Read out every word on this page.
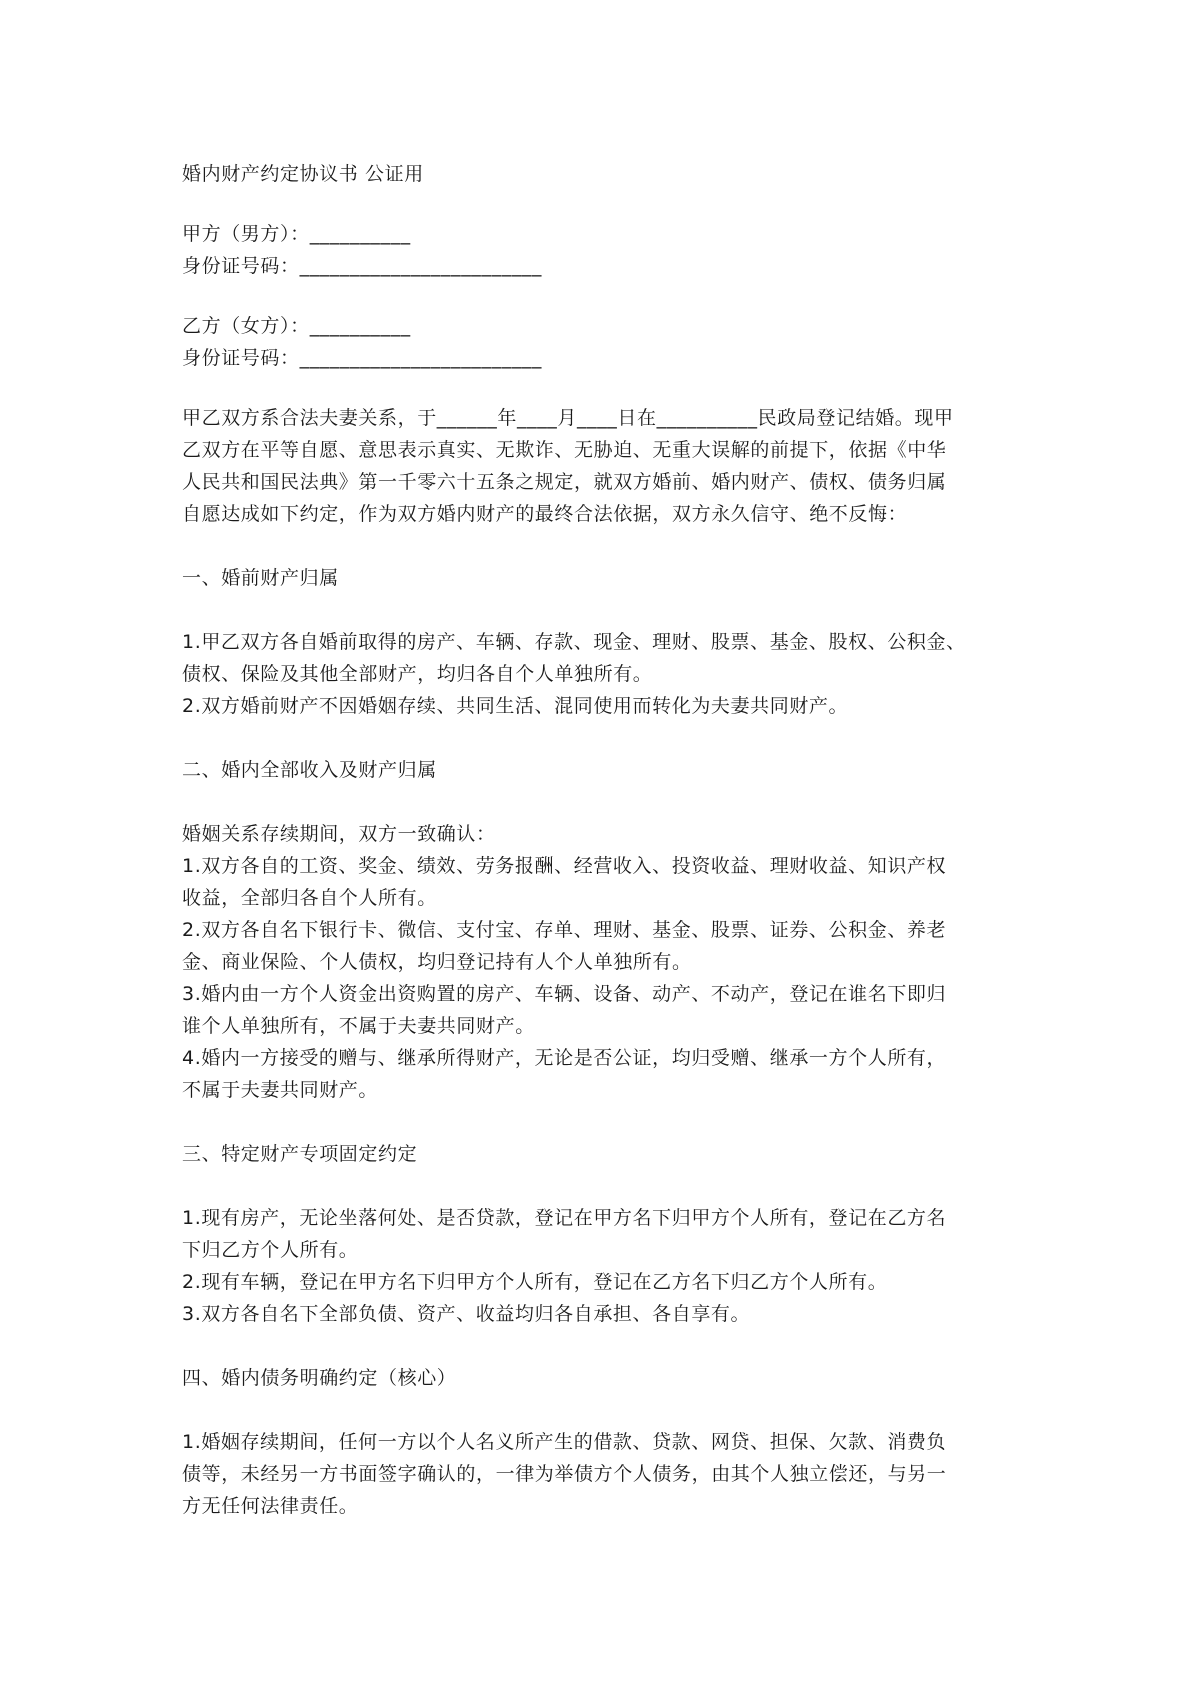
婚内财产约定协议书 公证用
甲方（男方）：__________
身份证号码：________________________
乙方（女方）：__________
身份证号码：________________________
甲乙双方系合法夫妻关系，于______年____月____日在__________民政局登记结婚。现甲
乙双方在平等自愿、意思表示真实、无欺诈、无胁迫、无重大误解的前提下，依据《中华
人民共和国民法典》第一千零六十五条之规定，就双方婚前、婚内财产、债权、债务归属
自愿达成如下约定，作为双方婚内财产的最终合法依据，双方永久信守、绝不反悔：
一、婚前财产归属
1.甲乙双方各自婚前取得的房产、车辆、存款、现金、理财、股票、基金、股权、公积金、
债权、保险及其他全部财产，均归各自个人单独所有。
2.双方婚前财产不因婚姻存续、共同生活、混同使用而转化为夫妻共同财产。
二、婚内全部收入及财产归属
婚姻关系存续期间，双方一致确认：
1.双方各自的工资、奖金、绩效、劳务报酬、经营收入、投资收益、理财收益、知识产权
收益，全部归各自个人所有。
2.双方各自名下银行卡、微信、支付宝、存单、理财、基金、股票、证券、公积金、养老
金、商业保险、个人债权，均归登记持有人个人单独所有。
3.婚内由一方个人资金出资购置的房产、车辆、设备、动产、不动产，登记在谁名下即归
谁个人单独所有，不属于夫妻共同财产。
4.婚内一方接受的赠与、继承所得财产，无论是否公证，均归受赠、继承一方个人所有，
不属于夫妻共同财产。
三、特定财产专项固定约定
1.现有房产，无论坐落何处、是否贷款，登记在甲方名下归甲方个人所有，登记在乙方名
下归乙方个人所有。
2.现有车辆，登记在甲方名下归甲方个人所有，登记在乙方名下归乙方个人所有。
3.双方各自名下全部负债、资产、收益均归各自承担、各自享有。
四、婚内债务明确约定（核心）
1.婚姻存续期间，任何一方以个人名义所产生的借款、贷款、网贷、担保、欠款、消费负
债等，未经另一方书面签字确认的，一律为举债方个人债务，由其个人独立偿还，与另一
方无任何法律责任。
